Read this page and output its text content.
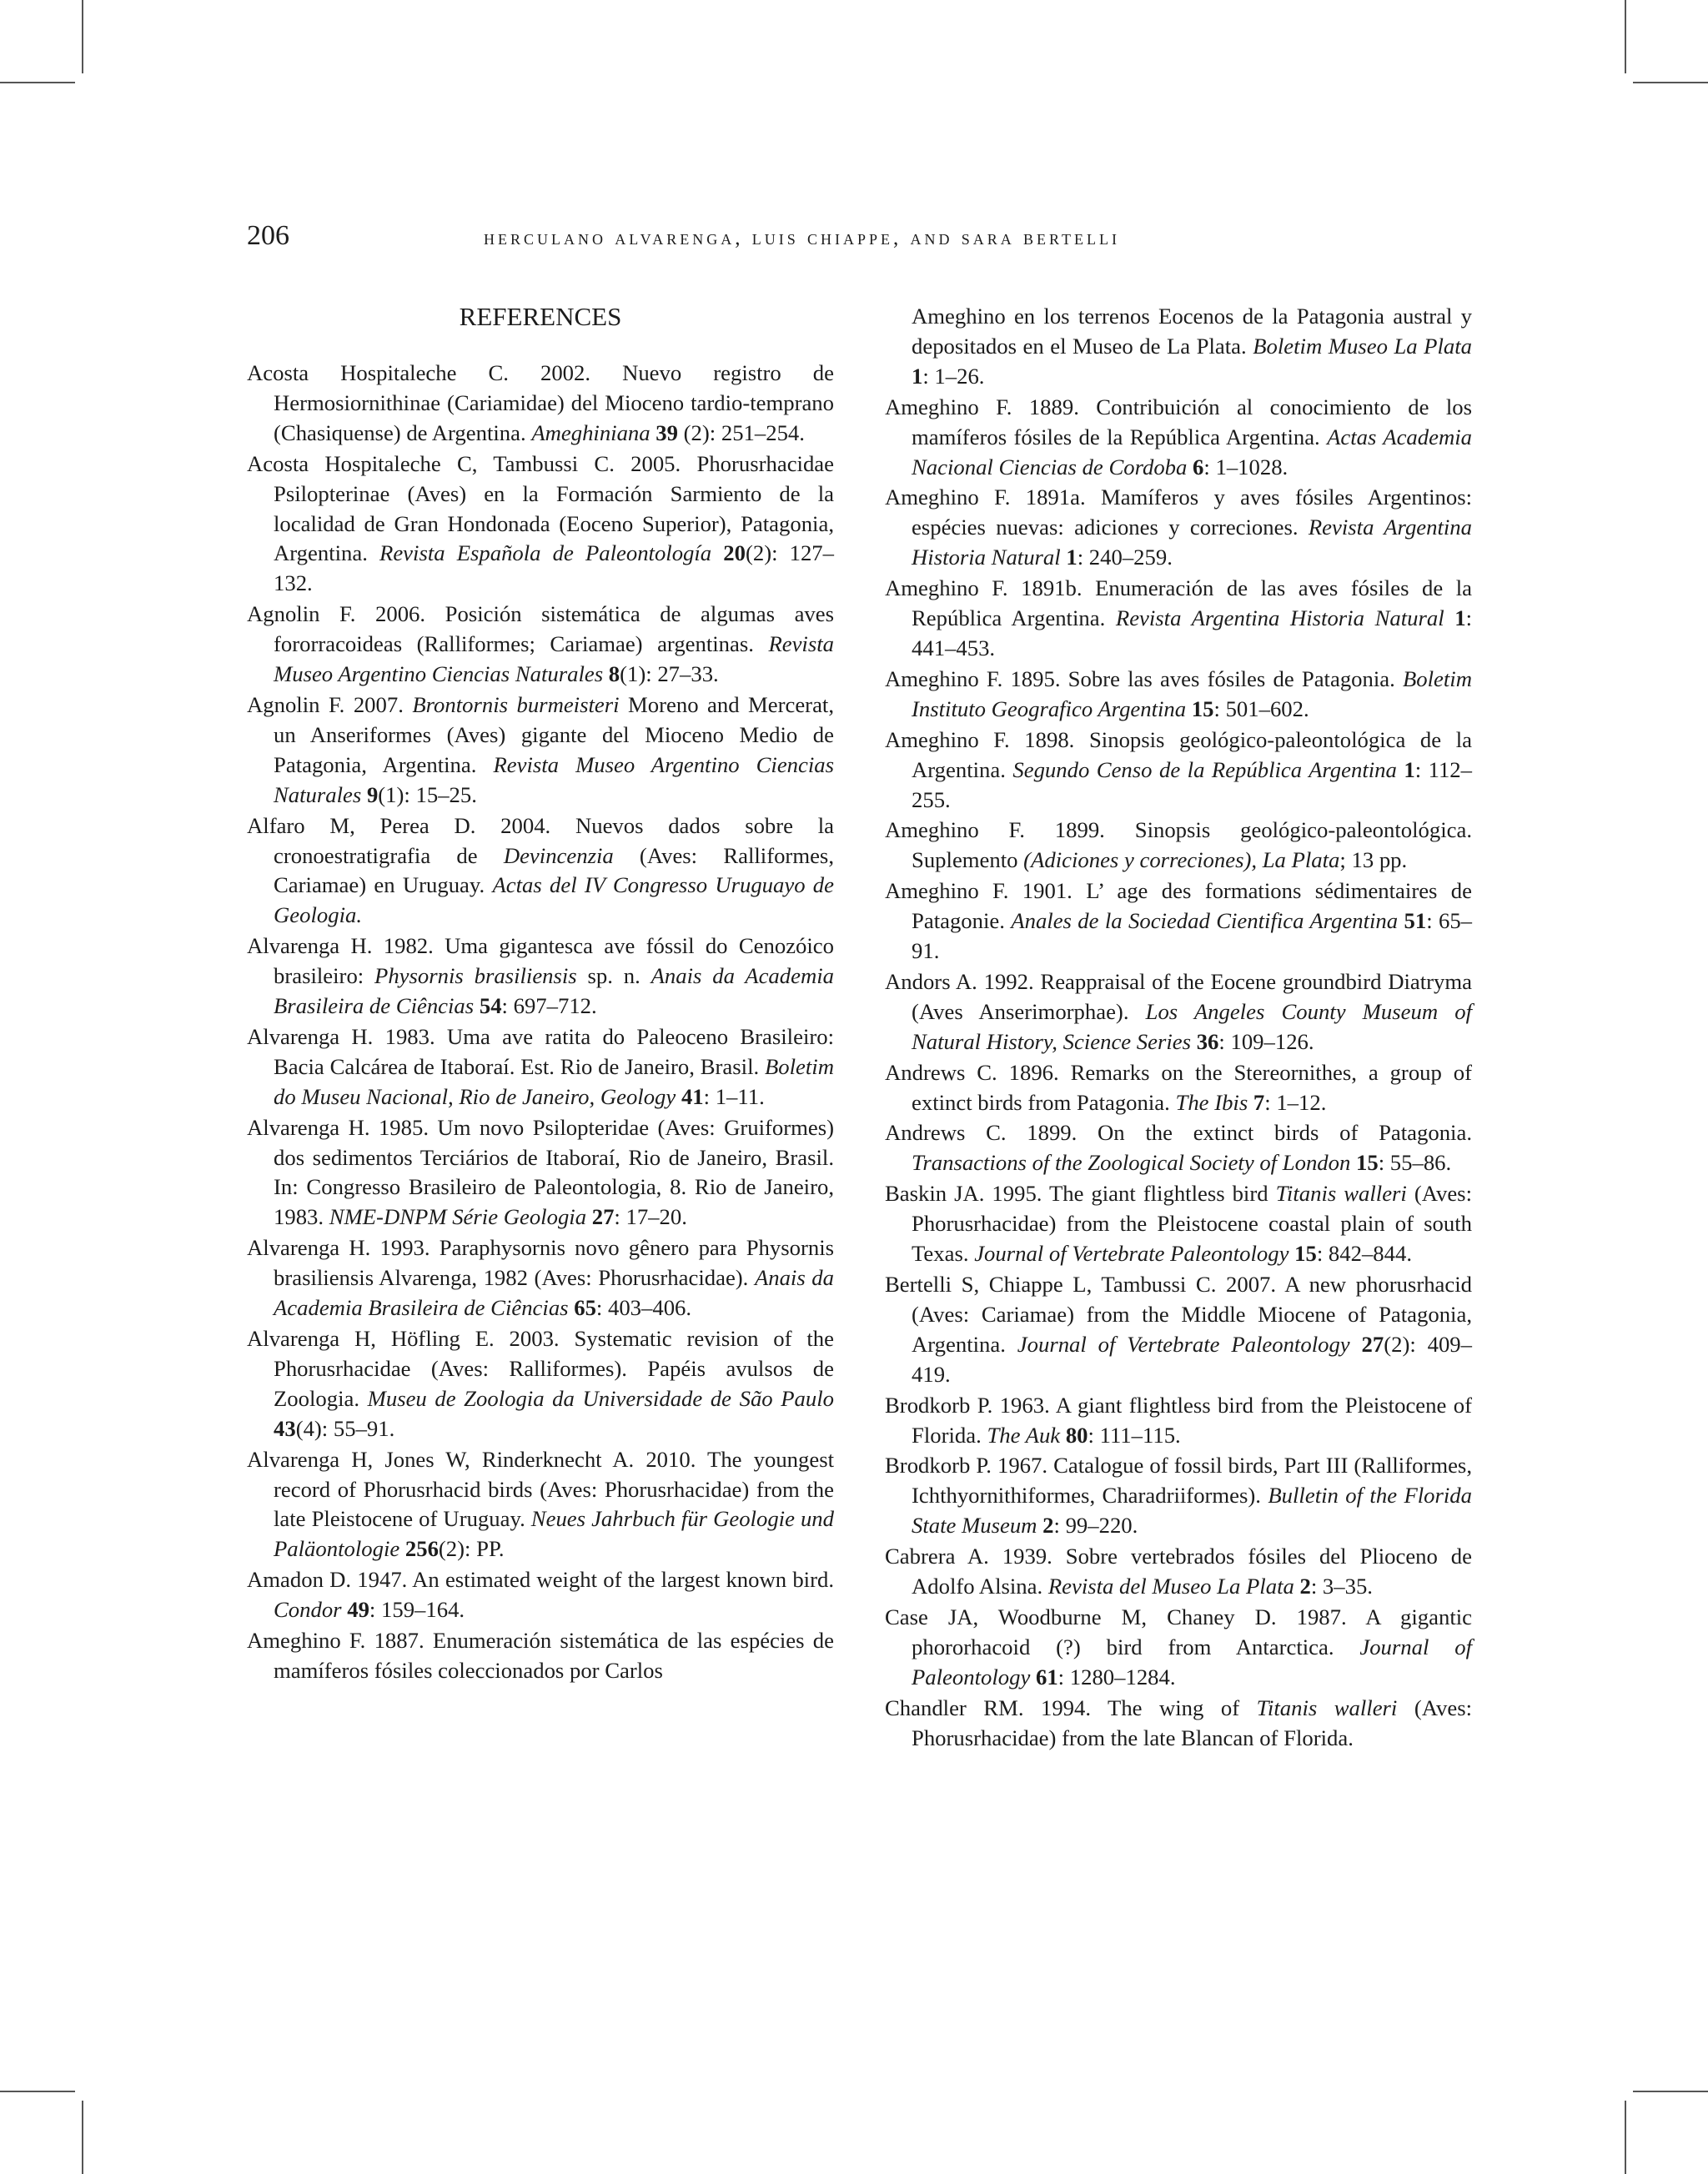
206	herculano alvarenga, luis chiappe, and sara bertelli
REFERENCES

Acosta Hospitaleche C. 2002. Nuevo registro de Hermosiornithinae (Cariamidae) del Mioceno tardio-temprano (Chasiquense) de Argentina. Ameghiniana 39 (2): 251–254.

Acosta Hospitaleche C, Tambussi C. 2005. Phorusrhacidae Psilopterinae (Aves) en la Formación Sarmiento de la localidad de Gran Hondonada (Eoceno Superior), Patagonia, Argentina. Revista Española de Paleontología 20(2): 127–132.

Agnolin F. 2006. Posición sistemática de algumas aves fororracoideas (Ralliformes; Cariamae) argentinas. Revista Museo Argentino Ciencias Naturales 8(1): 27–33.

Agnolin F. 2007. Brontornis burmeisteri Moreno and Mercerat, un Anseriformes (Aves) gigante del Mioceno Medio de Patagonia, Argentina. Revista Museo Argentino Ciencias Naturales 9(1): 15–25.

Alfaro M, Perea D. 2004. Nuevos dados sobre la cronoestratigrafia de Devincenzia (Aves: Ralliformes, Cariamae) en Uruguay. Actas del IV Congresso Uruguayo de Geologia.

Alvarenga H. 1982. Uma gigantesca ave fóssil do Cenozóico brasileiro: Physornis brasiliensis sp. n. Anais da Academia Brasileira de Ciências 54: 697–712.

Alvarenga H. 1983. Uma ave ratita do Paleoceno Brasileiro: Bacia Calcárea de Itaboraí. Est. Rio de Janeiro, Brasil. Boletim do Museu Nacional, Rio de Janeiro, Geology 41: 1–11.

Alvarenga H. 1985. Um novo Psilopteridae (Aves: Gruiformes) dos sedimentos Terciários de Itaboraí, Rio de Janeiro, Brasil. In: Congresso Brasileiro de Paleontologia, 8. Rio de Janeiro, 1983. NME-DNPM Série Geologia 27: 17–20.

Alvarenga H. 1993. Paraphysornis novo gênero para Physornis brasiliensis Alvarenga, 1982 (Aves: Phorusrhacidae). Anais da Academia Brasileira de Ciências 65: 403–406.

Alvarenga H, Höfling E. 2003. Systematic revision of the Phorusrhacidae (Aves: Ralliformes). Papéis avulsos de Zoologia. Museu de Zoologia da Universidade de São Paulo 43(4): 55–91.

Alvarenga H, Jones W, Rinderknecht A. 2010. The youngest record of Phorusrhacid birds (Aves: Phorusrhacidae) from the late Pleistocene of Uruguay. Neues Jahrbuch für Geologie und Paläontologie 256(2): PP.

Amadon D. 1947. An estimated weight of the largest known bird. Condor 49: 159–164.

Ameghino F. 1887. Enumeración sistemática de las espécies de mamíferos fósiles coleccionados por Carlos

Ameghino en los terrenos Eocenos de la Patagonia austral y depositados en el Museo de La Plata. Boletim Museo La Plata 1: 1–26.

Ameghino F. 1889. Contribuición al conocimiento de los mamíferos fósiles de la República Argentina. Actas Academia Nacional Ciencias de Cordoba 6: 1–1028.

Ameghino F. 1891a. Mamíferos y aves fósiles Argentinos: espécies nuevas: adiciones y correciones. Revista Argentina Historia Natural 1: 240–259.

Ameghino F. 1891b. Enumeración de las aves fósiles de la República Argentina. Revista Argentina Historia Natural 1: 441–453.

Ameghino F. 1895. Sobre las aves fósiles de Patagonia. Boletim Instituto Geografico Argentina 15: 501–602.

Ameghino F. 1898. Sinopsis geológico-paleontológica de la Argentina. Segundo Censo de la República Argentina 1: 112–255.

Ameghino F. 1899. Sinopsis geológico-paleontológica. Suplemento (Adiciones y correciones), La Plata; 13 pp.

Ameghino F. 1901. L’ age des formations sédimentaires de Patagonie. Anales de la Sociedad Cientifica Argentina 51: 65–91.

Andors A. 1992. Reappraisal of the Eocene groundbird Diatryma (Aves Anserimorphae). Los Angeles County Museum of Natural History, Science Series 36: 109–126.

Andrews C. 1896. Remarks on the Stereornithes, a group of extinct birds from Patagonia. The Ibis 7: 1–12.

Andrews C. 1899. On the extinct birds of Patagonia. Transactions of the Zoological Society of London 15: 55–86.

Baskin JA. 1995. The giant flightless bird Titanis walleri (Aves: Phorusrhacidae) from the Pleistocene coastal plain of south Texas. Journal of Vertebrate Paleontology 15: 842–844.

Bertelli S, Chiappe L, Tambussi C. 2007. A new phorusrhacid (Aves: Cariamae) from the Middle Miocene of Patagonia, Argentina. Journal of Vertebrate Paleontology 27(2): 409–419.

Brodkorb P. 1963. A giant flightless bird from the Pleistocene of Florida. The Auk 80: 111–115.

Brodkorb P. 1967. Catalogue of fossil birds, Part III (Ralliformes, Ichthyornithiformes, Charadriiformes). Bulletin of the Florida State Museum 2: 99–220.

Cabrera A. 1939. Sobre vertebrados fósiles del Plioceno de Adolfo Alsina. Revista del Museo La Plata 2: 3–35.

Case JA, Woodburne M, Chaney D. 1987. A gigantic phororhacoid (?) bird from Antarctica. Journal of Paleontology 61: 1280–1284.

Chandler RM. 1994. The wing of Titanis walleri (Aves: Phorusrhacidae) from the late Blancan of Florida.
